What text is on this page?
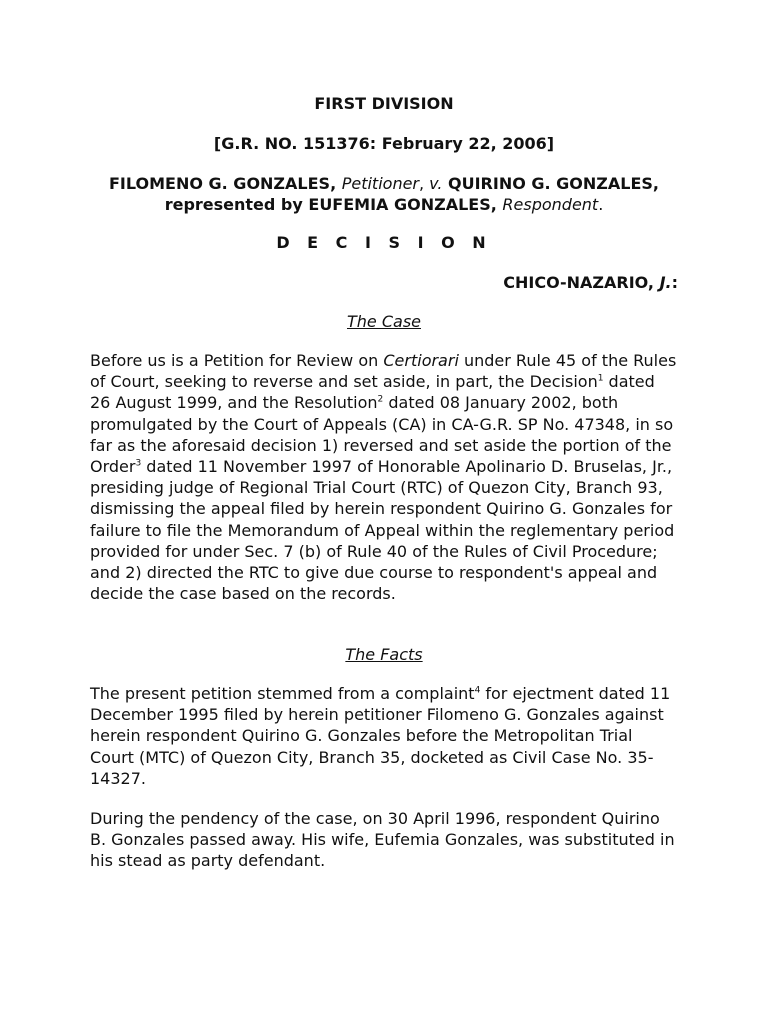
FIRST DIVISION
[G.R. NO. 151376: February 22, 2006]
FILOMENO G. GONZALES, Petitioner, v. QUIRINO G. GONZALES, represented by EUFEMIA GONZALES, Respondent.
D E C I S I O N
CHICO-NAZARIO, J.:
The Case
Before us is a Petition for Review on Certiorari under Rule 45 of the Rules of Court, seeking to reverse and set aside, in part, the Decision$^1$ dated 26 August 1999, and the Resolution$^2$ dated 08 January 2002, both promulgated by the Court of Appeals (CA) in CA-G.R. SP No. 47348, in so far as the aforesaid decision 1) reversed and set aside the portion of the Order$^3$ dated 11 November 1997 of Honorable Apolinario D. Bruselas, Jr., presiding judge of Regional Trial Court (RTC) of Quezon City, Branch 93, dismissing the appeal filed by herein respondent Quirino G. Gonzales for failure to file the Memorandum of Appeal within the reglementary period provided for under Sec. 7 (b) of Rule 40 of the Rules of Civil Procedure; and 2) directed the RTC to give due course to respondent's appeal and decide the case based on the records.
The Facts
The present petition stemmed from a complaint$^4$ for ejectment dated 11 December 1995 filed by herein petitioner Filomeno G. Gonzales against herein respondent Quirino G. Gonzales before the Metropolitan Trial Court (MTC) of Quezon City, Branch 35, docketed as Civil Case No. 35-14327.
During the pendency of the case, on 30 April 1996, respondent Quirino B. Gonzales passed away. His wife, Eufemia Gonzales, was substituted in his stead as party defendant.
